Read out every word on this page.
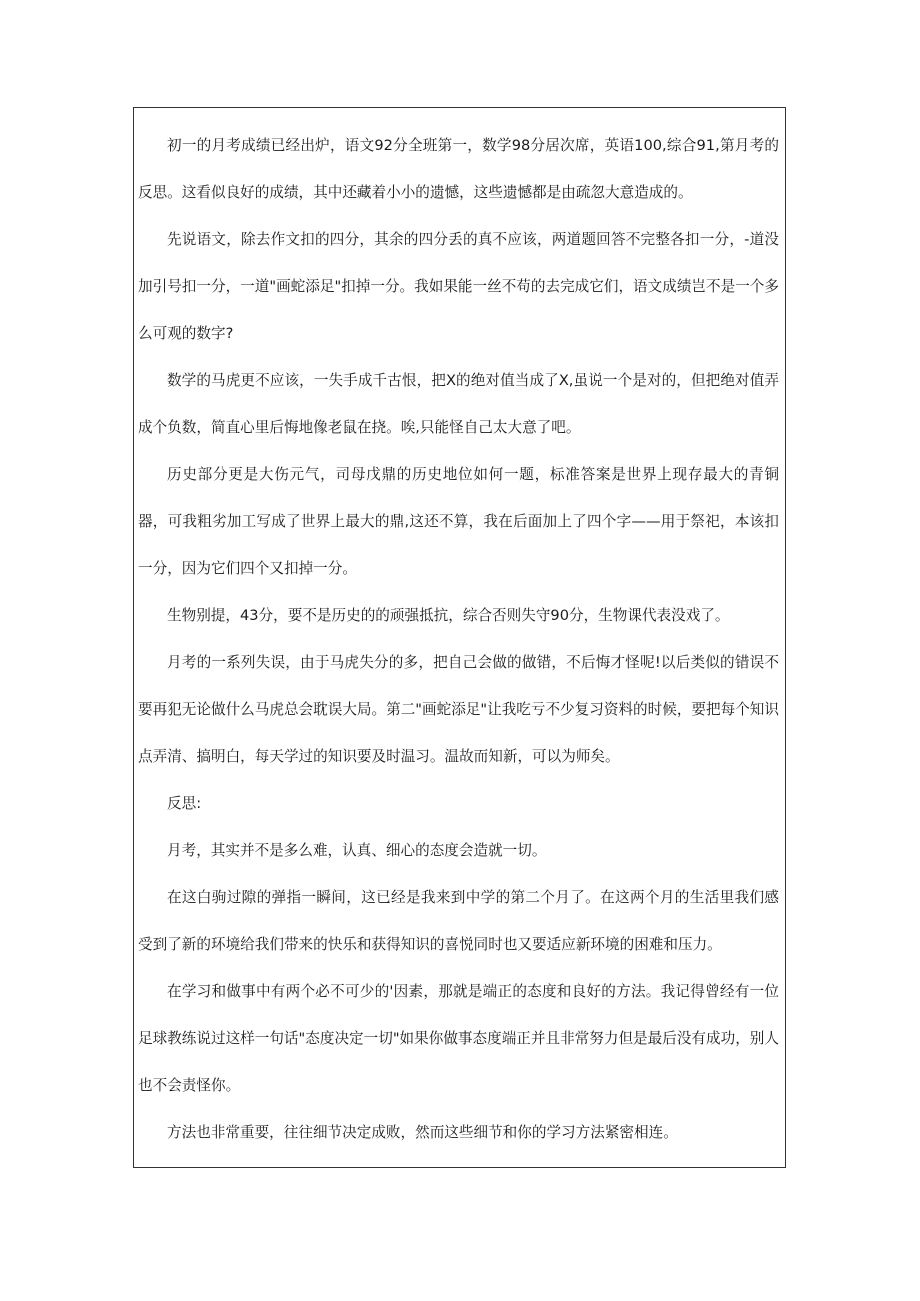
初一的月考成绩已经出炉，语文92分全班第一，数学98分居次席，英语100,综合91,第月考的反思。这看似良好的成绩，其中还藏着小小的遗憾，这些遗憾都是由疏忽大意造成的。

先说语文，除去作文扣的四分，其余的四分丢的真不应该，两道题回答不完整各扣一分，-道没加引号扣一分，一道"画蛇添足"扣掉一分。我如果能一丝不苟的去完成它们，语文成绩岂不是一个多么可观的数字?

数学的马虎更不应该，一失手成千古恨，把X的绝对值当成了X,虽说一个是对的，但把绝对值弄成个负数，简直心里后悔地像老鼠在挠。唉,只能怪自己太大意了吧。

历史部分更是大伤元气，司母戊鼎的历史地位如何一题，标准答案是世界上现存最大的青铜器，可我粗劣加工写成了世界上最大的鼎,这还不算，我在后面加上了四个字——用于祭祀，本该扣一分，因为它们四个又扣掉一分。

生物别提，43分，要不是历史的的顽强抵抗，综合否则失守90分，生物课代表没戏了。

月考的一系列失误，由于马虎失分的多，把自己会做的做错，不后悔才怪呢!以后类似的错误不要再犯无论做什么马虎总会耽误大局。第二"画蛇添足"让我吃亏不少复习资料的时候，要把每个知识点弄清、搞明白，每天学过的知识要及时温习。温故而知新，可以为师矣。

反思:

月考，其实并不是多么难，认真、细心的态度会造就一切。

在这白驹过隙的弹指一瞬间，这已经是我来到中学的第二个月了。在这两个月的生活里我们感受到了新的环境给我们带来的快乐和获得知识的喜悦同时也又要适应新环境的困难和压力。

在学习和做事中有两个必不可少的'因素，那就是端正的态度和良好的方法。我记得曾经有一位足球教练说过这样一句话"态度决定一切"如果你做事态度端正并且非常努力但是最后没有成功，别人也不会责怪你。

方法也非常重要，往往细节决定成败，然而这些细节和你的学习方法紧密相连。
